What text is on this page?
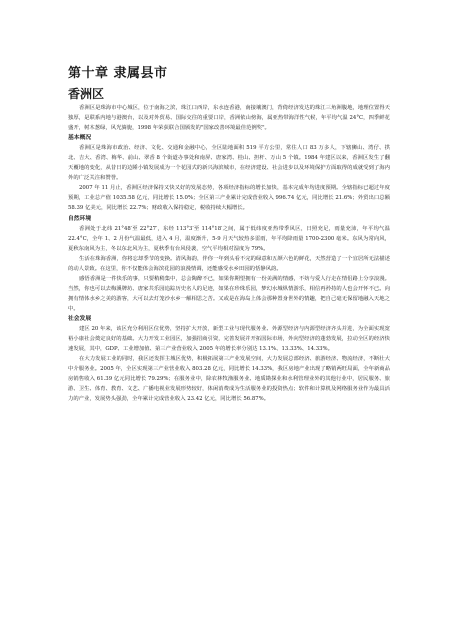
第十章 隶属县市
香洲区

香洲区是珠海市中心城区，位于南海之滨，珠江口西岸，东水连香港，南接壤澳门，背倚经济发达的珠江三角洲腹地，地理位置得天独厚，是联系内地与港澳台，以及对外贸易、国际交往的重要口岸，香洲依山傍海，属亚热带海洋性气候，年平均气温 24°C，四季鲜花盛开，树木葱绿，风光旖旎，1998 年荣获联合国颁发的"国家改善环境最佳范例奖"。

基本概况

香洲区是珠海市政治、经济、文化、交通和金融中心，全区陆地面积 519 平方公里，常住人口 83 万多人，下辖狮山、湾仔、拱北、吉大、香湾、梅华、前山、翠香 8 个街道办事处和南屏、唐家湾、桂山、担杆、万山 5 个镇。1984 年建区以来，香洲区发生了翻天覆地的变化，从昔日的边陲小镇发展成为一个花园式的新兴海滨城市，在经济建设、社会进步以及环境保护方面取得的成就受到了海内外的广泛关注和赞誉。

2007 年 11 月止，香洲区经济保持又快又好的发展态势，各项经济指标的增长加快，基本完成年均进度预期。全辖指标已超过年度预期，工业总产值 1035.58 亿元，同比增长 15.0%；全区第三产业累计完成营业收入 996.74 亿元，同比增长 21.6%；外贸出口总额 58.39 亿美元，同比增长 22.7%；财政收入保持稳定，税收持续大幅增长。

自然环境

香洲处于北纬 21°48′至 22°27′，东经 113°3′至 114°18′之间，属于低纬度亚热带季风区，日照充足，雨量充沛，年平均气温 22.4°C，全年 1、2 月份气温最低，进入 4 月，温度渐升，5-9 月天气较热多雷雨，年平均降雨量 1700-2300 毫米。东风为常向风，夏秋东南风为主，冬以东北风为主，夏秋季有台风侵袭，空气平均相对湿度为 79%。

生活在珠海香洲，你将忘却季节的变换。清风海韵，伴你一年到头看不完的绿意和五颜六色的鲜花，天然营造了一个宜居所无法描述的动人景致。在这里，你不仅能体会海滨花园的浪漫情调，还能感受水乡田园的恬静风韵。

感悟香洲是一件快乐的事，只要稍稍集中，总会陶醉不已，如果你期望拥有一份美满的情感，不妨与爱人行走在情侣路上分享浪漫。当然，你也可以去梅溪牌坊、唐家共乐园追踪历史名人的足迹，如果在珍珠乐园，梦幻水城纵情游乐，相信再矜持的人也会开怀不已。向拥有情体水乡之美的游客，大可以去灯笼沙水乡一解相思之苦。又或是在海岛上体会那种置身世外的情趣，把自己毫无保留地融入天地之中。

社会发展

建区 20 年来，该区充分利用区位优势，坚持扩大开放，新型工业与现代服务业、外源型经济与内源型经济齐头并进，为全面实现宽裕小康社会奠定良好的基础。大力开发工业园区，加强招商引资，完善发展并开拓国际市场，外向型经济的蓬勃发展，拉动全区的经济快速发展，其中，GDP、工业增加值、第三产业营业收入 2005 年的增长率分别达 13.1%、13.33%、14.33%。

在大力发展工业的同时，我区还发挥主城区优势，积极拓展第三产业发展空间，大力发展总部经济、旅游经济、物流经济，不断壮大中介服务业。2005 年，全区实现第三产业营业收入 803.28 亿元，同比增长 14.33%，我区房地产业出现了略销两旺局面，全年新商品房销售收入 61.39 亿元同比增长 79.29%；在服务业中，除农林牧渔服务业、地质勘探业和水利管理业外的其他行业中，居民服务、旅游、卫生、体育、教育、文艺、广播电视业发展形势较好，体闲消费成为生活服务业的投资热点；软件和计算机及网络服务业作为最具活力的产业，发展势头强劲，全年累计完成营业收入 23.42 亿元，同比增长 56.87%。
